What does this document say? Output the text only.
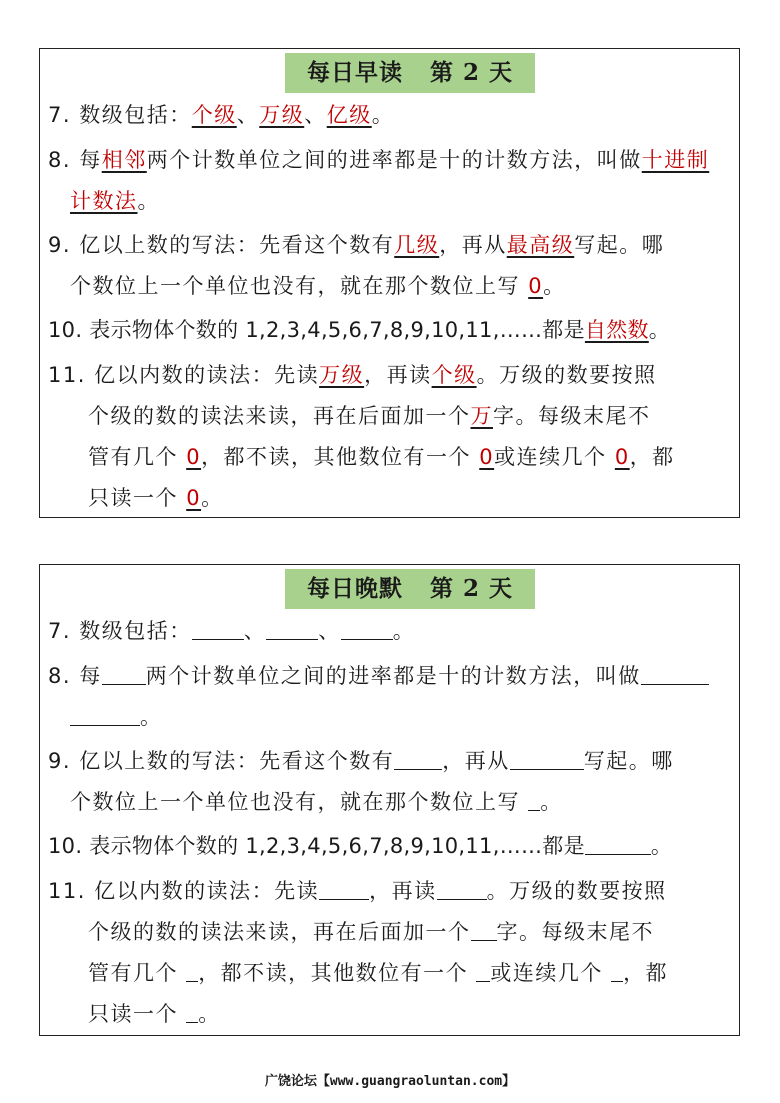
每日早读   第 2 天
7. 数级包括：个级、万级、亿级。
8. 每相邻两个计数单位之间的进率都是十的计数方法，叫做十进制
计数法。
9. 亿以上数的写法：先看这个数有几级，再从最高级写起。哪
个数位上一个单位也没有，就在那个数位上写 0。
10. 表示物体个数的 1,2,3,4,5,6,7,8,9,10,11,……都是自然数。
11. 亿以内数的读法：先读万级，再读个级。万级的数要按照
个级的数的读法来读，再在后面加一个万字。每级末尾不
管有几个 0，都不读，其他数位有一个 0或连续几个 0，都
只读一个 0。
每日晚默   第 2 天
7. 数级包括： 、 、 。
8. 每 两个计数单位之间的进率都是十的计数方法，叫做
。
9. 亿以上数的写法：先看这个数有 ，再从	写起。哪
个数位上一个单位也没有，就在那个数位上写 。
10. 表示物体个数的 1,2,3,4,5,6,7,8,9,10,11,……都是	。
11. 亿以内数的读法：先读 ，再读 。万级的数要按照
个级的数的读法来读，再在后面加一个 字。每级末尾不
管有几个 ，都不读，其他数位有一个 或连续几个 ，都
只读一个 。
广饶论坛【www.guangraoluntan.com】
